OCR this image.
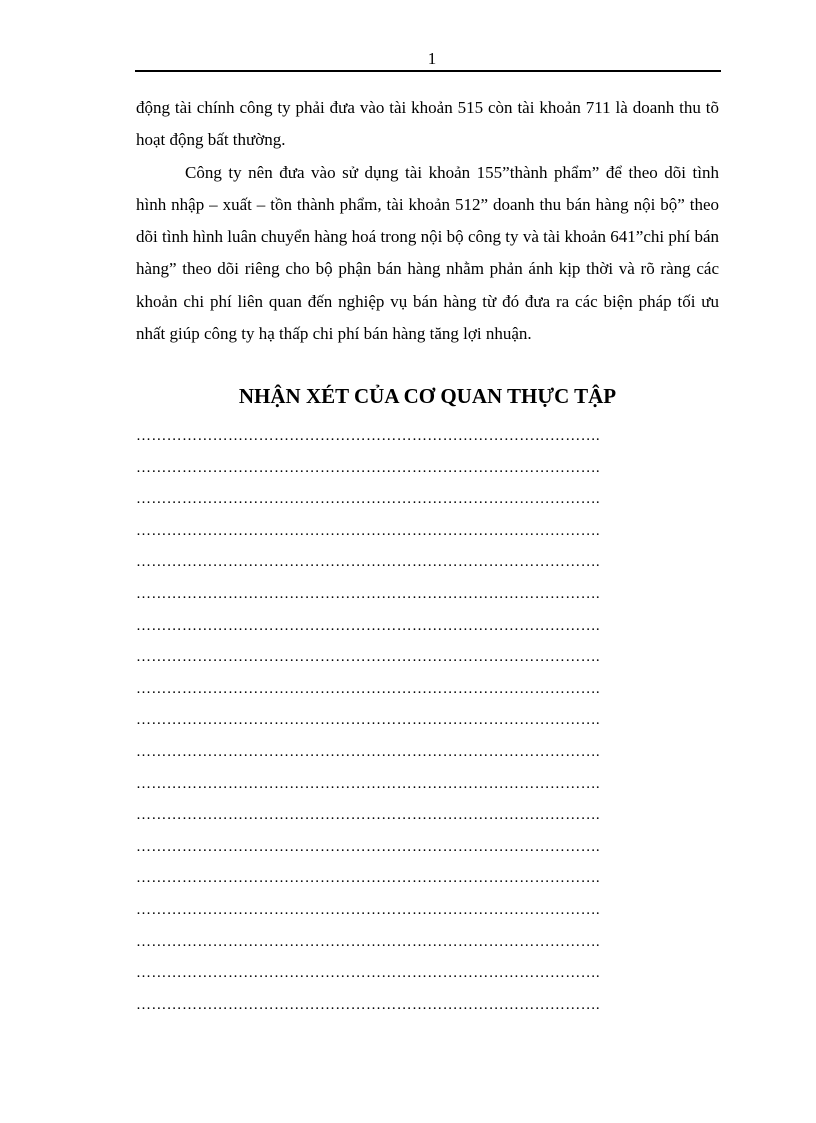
1

động tài chính công ty phải đưa vào tài khoản 515 còn tài khoản 711 là doanh thu tõ hoạt động bất thường.

Công ty nên đưa vào sử dụng tài khoản 155”thành phẩm” để theo dõi tình hình nhập – xuất – tồn thành phẩm, tài khoản 512” doanh thu bán hàng nội bộ” theo dõi tình hình luân chuyển hàng hoá trong nội bộ công ty và tài khoản 641”chi phí bán hàng” theo dõi riêng cho bộ phận bán hàng nhằm phản ánh kịp thời và rõ ràng các khoản chi phí liên quan đến nghiệp vụ bán hàng từ đó đưa ra các biện pháp tối ưu nhất giúp công ty hạ thấp chi phí bán hàng tăng lợi nhuận.

NHẬN XÉT CỦA CƠ QUAN THỰC TẬP
……………………………………………………………………………….
……………………………………………………………………………….
……………………………………………………………………………….
……………………………………………………………………………….
……………………………………………………………………………….
……………………………………………………………………………….
……………………………………………………………………………….
……………………………………………………………………………….
……………………………………………………………………………….
……………………………………………………………………………….
……………………………………………………………………………….
……………………………………………………………………………….
……………………………………………………………………………….
……………………………………………………………………………….
……………………………………………………………………………….
……………………………………………………………………………….
……………………………………………………………………………….
……………………………………………………………………………….
……………………………………………………………………………….
